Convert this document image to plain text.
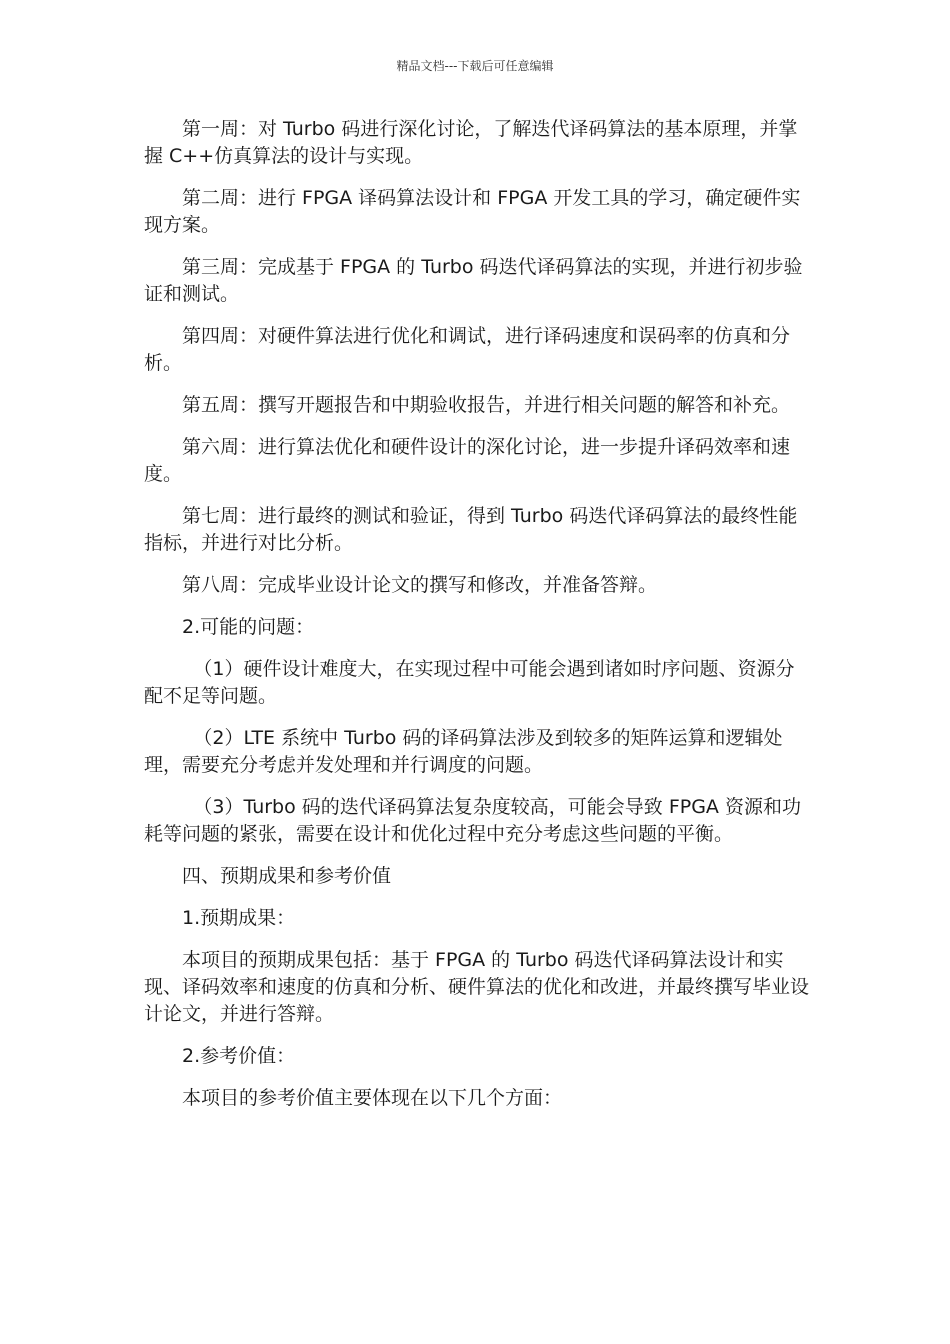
精品文档---下载后可任意编辑

第一周：对 Turbo 码进行深化讨论，了解迭代译码算法的基本原理，并掌握 C++仿真算法的设计与实现。

第二周：进行 FPGA 译码算法设计和 FPGA 开发工具的学习，确定硬件实现方案。

第三周：完成基于 FPGA 的 Turbo 码迭代译码算法的实现，并进行初步验证和测试。

第四周：对硬件算法进行优化和调试，进行译码速度和误码率的仿真和分析。

第五周：撰写开题报告和中期验收报告，并进行相关问题的解答和补充。

第六周：进行算法优化和硬件设计的深化讨论，进一步提升译码效率和速度。

第七周：进行最终的测试和验证，得到 Turbo 码迭代译码算法的最终性能指标，并进行对比分析。

第八周：完成毕业设计论文的撰写和修改，并准备答辩。

2.可能的问题：

（1）硬件设计难度大，在实现过程中可能会遇到诸如时序问题、资源分配不足等问题。

（2）LTE 系统中 Turbo 码的译码算法涉及到较多的矩阵运算和逻辑处理，需要充分考虑并发处理和并行调度的问题。

（3）Turbo 码的迭代译码算法复杂度较高，可能会导致 FPGA 资源和功耗等问题的紧张，需要在设计和优化过程中充分考虑这些问题的平衡。

四、预期成果和参考价值

1.预期成果：

本项目的预期成果包括：基于 FPGA 的 Turbo 码迭代译码算法设计和实现、译码效率和速度的仿真和分析、硬件算法的优化和改进，并最终撰写毕业设计论文，并进行答辩。

2.参考价值：

本项目的参考价值主要体现在以下几个方面：
